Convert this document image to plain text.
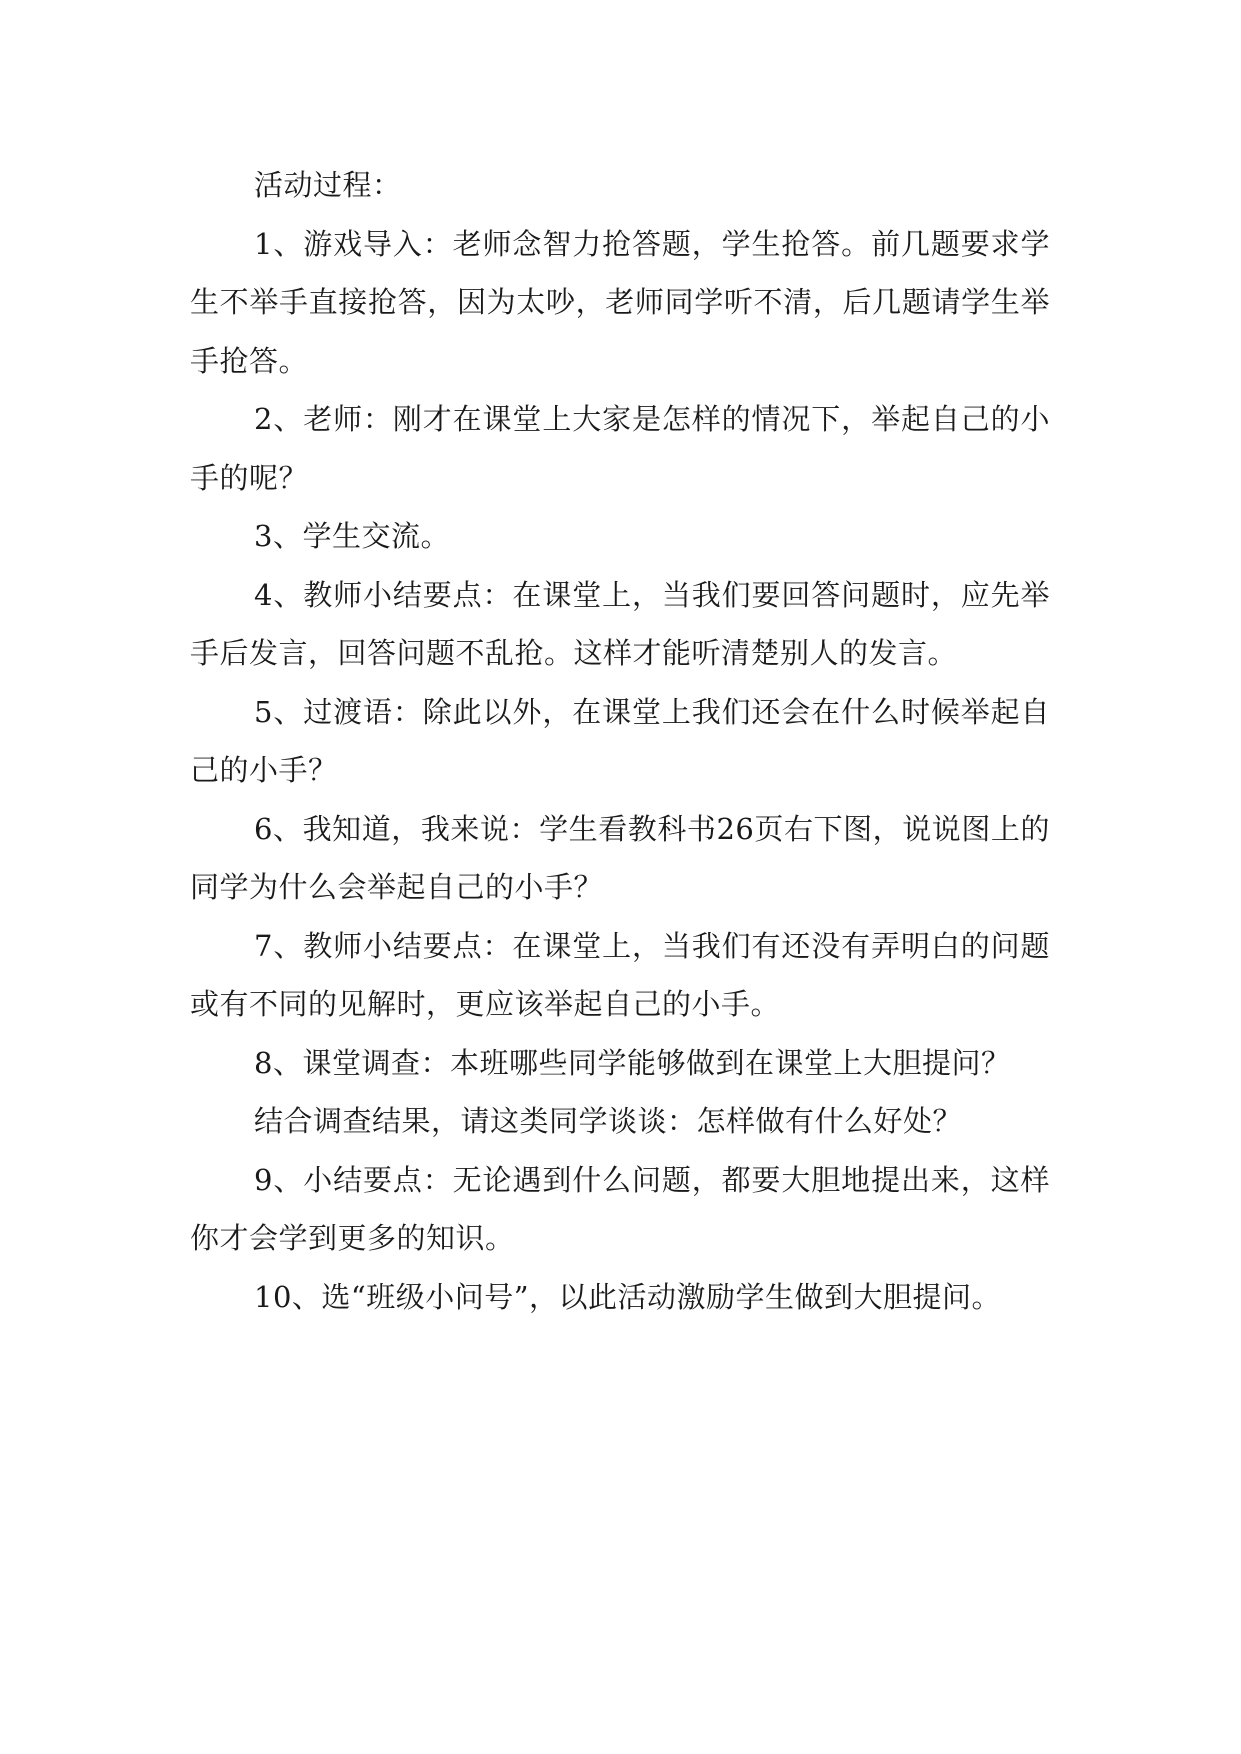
活动过程：

1、游戏导入：老师念智力抢答题，学生抢答。前几题要求学生不举手直接抢答，因为太吵，老师同学听不清，后几题请学生举手抢答。

2、老师：刚才在课堂上大家是怎样的情况下，举起自己的小手的呢？

3、学生交流。

4、教师小结要点：在课堂上，当我们要回答问题时，应先举手后发言，回答问题不乱抢。这样才能听清楚别人的发言。

5、过渡语：除此以外，在课堂上我们还会在什么时候举起自己的小手？

6、我知道，我来说：学生看教科书26页右下图，说说图上的同学为什么会举起自己的小手？

7、教师小结要点：在课堂上，当我们有还没有弄明白的问题或有不同的见解时，更应该举起自己的小手。

8、课堂调查：本班哪些同学能够做到在课堂上大胆提问？

结合调查结果，请这类同学谈谈：怎样做有什么好处？

9、小结要点：无论遇到什么问题，都要大胆地提出来，这样你才会学到更多的知识。

10、选“班级小问号”，以此活动激励学生做到大胆提问。
